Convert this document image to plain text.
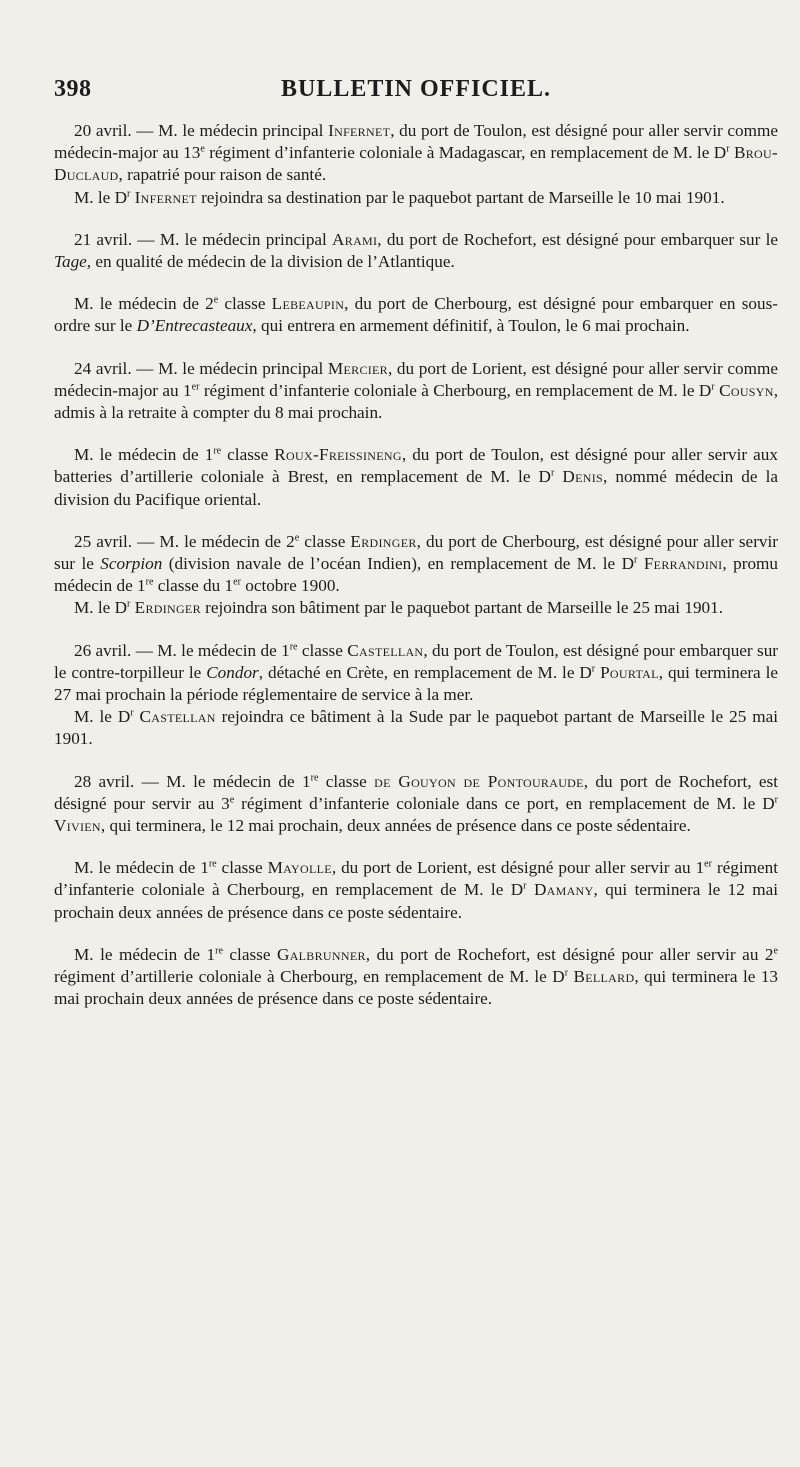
398	BULLETIN OFFICIEL.

20 avril. — M. le médecin principal Infernet, du port de Toulon, est désigné pour aller servir comme médecin-major au 13e régiment d’infanterie coloniale à Madagascar, en remplacement de M. le $D^r$ Brou-Duclaud, rapatrié pour raison de santé.

M. le $D^r$ Infernet rejoindra sa destination par le paquebot partant de Marseille le 10 mai 1901.

21 avril. — M. le médecin principal Arami, du port de Rochefort, est désigné pour embarquer sur le Tage, en qualité de médecin de la division de l’Atlantique.

M. le médecin de 2e classe Lebeaupin, du port de Cherbourg, est désigné pour embarquer en sous-ordre sur le D’Entrecasteaux, qui entrera en armement définitif, à Toulon, le 6 mai prochain.

24 avril. — M. le médecin principal Mercier, du port de Lorient, est désigné pour aller servir comme médecin-major au 1er régiment d’infanterie coloniale à Cherbourg, en remplacement de M. le $D^r$ Cousyn, admis à la retraite à compter du 8 mai prochain.

M. le médecin de 1re classe Roux-Freissineng, du port de Toulon, est désigné pour aller servir aux batteries d’artillerie coloniale à Brest, en remplacement de M. le $D^r$ Denis, nommé médecin de la division du Pacifique oriental.

25 avril. — M. le médecin de 2e classe Erdinger, du port de Cherbourg, est désigné pour aller servir sur le Scorpion (division navale de l’océan Indien), en remplacement de M. le $D^r$ Ferrandini, promu médecin de 1re classe du 1er octobre 1900.

M. le $D^r$ Erdinger rejoindra son bâtiment par le paquebot partant de Marseille le 25 mai 1901.

26 avril. — M. le médecin de 1re classe Castellan, du port de Toulon, est désigné pour embarquer sur le contre-torpilleur le Condor, détaché en Crète, en remplacement de M. le $D^r$ Pourtal, qui terminera le 27 mai prochain la période réglementaire de service à la mer.

M. le $D^r$ Castellan rejoindra ce bâtiment à la Sude par le paquebot partant de Marseille le 25 mai 1901.

28 avril. — M. le médecin de 1re classe de Gouyon de Pontouraude, du port de Rochefort, est désigné pour servir au 3e régiment d’infanterie coloniale dans ce port, en remplacement de M. le $D^r$ Vivien, qui terminera, le 12 mai prochain, deux années de présence dans ce poste sédentaire.

M. le médecin de 1re classe Mayolle, du port de Lorient, est désigné pour aller servir au 1er régiment d’infanterie coloniale à Cherbourg, en remplacement de M. le $D^r$ Damany, qui terminera le 12 mai prochain deux années de présence dans ce poste sédentaire.

M. le médecin de 1re classe Galbrunner, du port de Rochefort, est désigné pour aller servir au 2e régiment d’artillerie coloniale à Cherbourg, en remplacement de M. le $D^r$ Bellard, qui terminera le 13 mai prochain deux années de présence dans ce poste sédentaire.
